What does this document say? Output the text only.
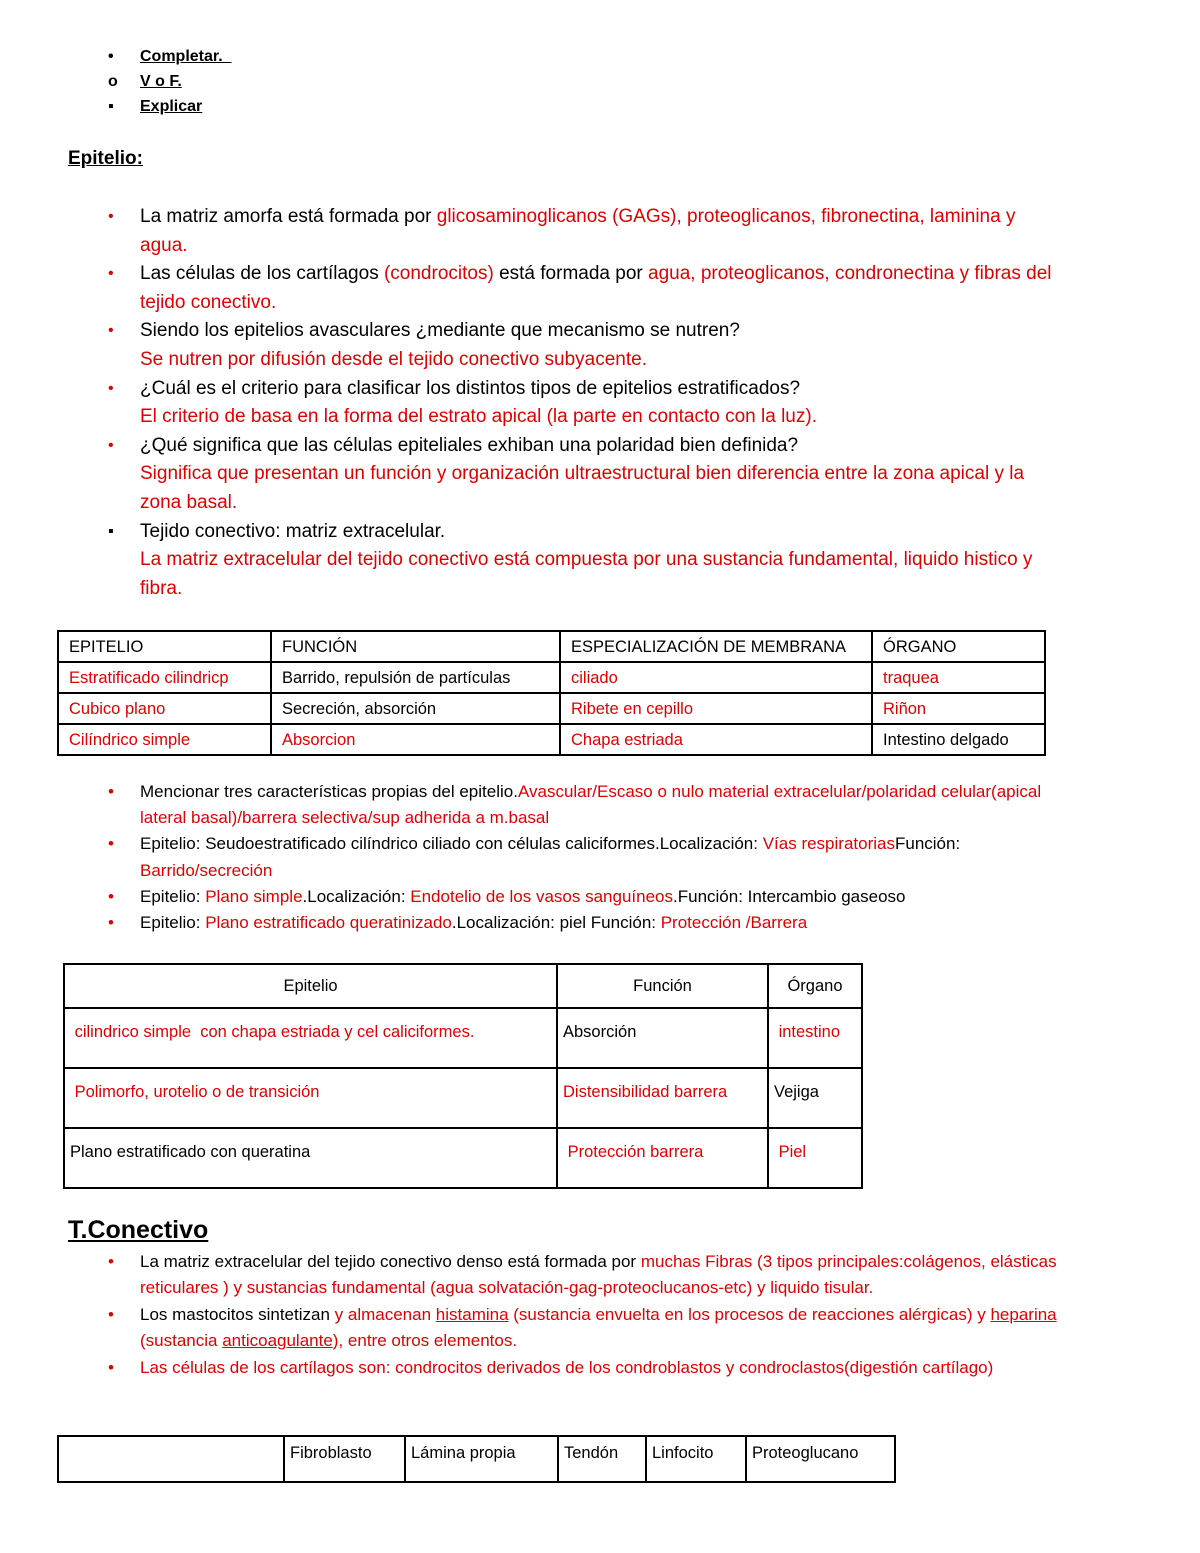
•	Completar.
o	V o F.
▪	Explicar
Epitelio:
•	La matriz amorfa está formada por glicosaminoglicanos (GAGs), proteoglicanos, fibronectina, laminina y agua.
•	Las células de los cartílagos (condrocitos) está formada por agua, proteoglicanos, condronectina y fibras del tejido conectivo.
•	Siendo los epitelios avasculares ¿mediante que mecanismo se nutren?
Se nutren por difusión desde el tejido conectivo subyacente.
•	¿Cuál es el criterio para clasificar los distintos tipos de epitelios estratificados?
El criterio de basa en la forma del estrato apical (la parte en contacto con la luz).
•	¿Qué significa que las células epiteliales exhiban una polaridad bien definida?
Significa que presentan un función y organización ultraestructural bien diferencia entre la zona apical y la zona basal.
▪	Tejido conectivo: matriz extracelular.
La matriz extracelular del tejido conectivo está compuesta por una sustancia fundamental, liquido histico y fibra.
EPITELIO	FUNCIÓN	ESPECIALIZACIÓN DE MEMBRANA	ÓRGANO
Estratificado cilindricp	Barrido, repulsión de partículas	ciliado	traquea
Cubico plano	Secreción, absorción	Ribete en cepillo	Riñon
Cilíndrico simple	Absorcion	Chapa estriada	Intestino delgado
•	Mencionar tres características propias del epitelio.Avascular/Escaso o nulo material extracelular/polaridad celular(apical lateral basal)/barrera selectiva/sup adherida a m.basal
•	Epitelio: Seudoestratificado cilíndrico ciliado con células caliciformes.Localización: Vías respiratoriasFunción: Barrido/secreción
•	Epitelio: Plano simple.Localización: Endotelio de los vasos sanguíneos.Función: Intercambio gaseoso
•	Epitelio: Plano estratificado queratinizado.Localización: piel Función: Protección /Barrera
Epitelio	Función	Órgano
cilindrico simple  con chapa estriada y cel caliciformes.	Absorción	intestino
Polimorfo, urotelio o de transición	Distensibilidad barrera	Vejiga
Plano estratificado con queratina	Protección barrera	Piel
T.Conectivo
•	La matriz extracelular del tejido conectivo denso está formada por muchas Fibras (3 tipos principales:colágenos, elásticas reticulares ) y sustancias fundamental (agua solvatación-gag-proteoclucanos-etc) y liquido tisular.
•	Los mastocitos sintetizan y almacenan histamina (sustancia envuelta en los procesos de reacciones alérgicas) y heparina (sustancia anticoagulante), entre otros elementos.
•	Las células de los cartílagos son: condrocitos derivados de los condroblastos y condroclastos(digestión cartílago)
	Fibroblasto	Lámina propia	Tendón	Linfocito	Proteoglucano
